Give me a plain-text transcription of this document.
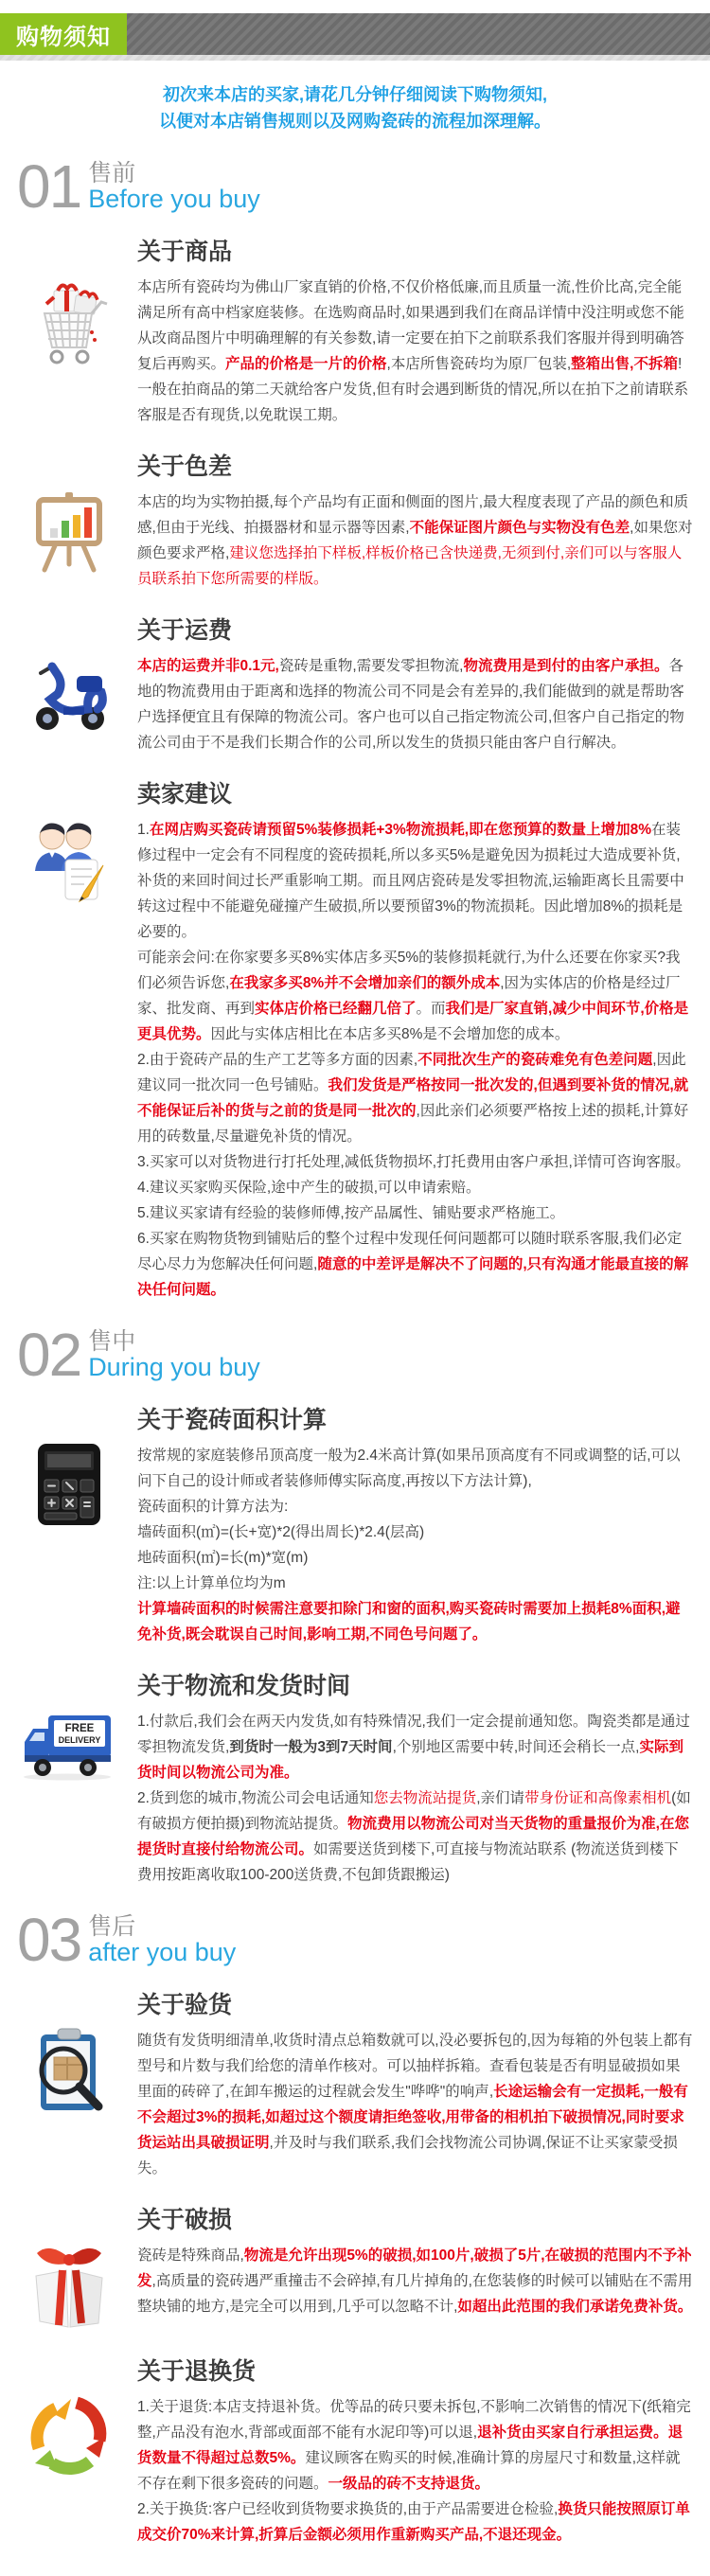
购物须知
初次来本店的买家,请花几分钟仔细阅读下购物须知,
以便对本店销售规则以及网购瓷砖的流程加深理解。
01 售前
Before you buy
关于商品

本店所有瓷砖均为佛山厂家直销的价格,不仅价格低廉,而且质量一流,性价比高,完全能满足所有高中档家庭装修。在选购商品时,如果遇到我们在商品详情中没注明或您不能从改商品图片中明确理解的有关参数,请一定要在拍下之前联系我们客服并得到明确答复后再购买。产品的价格是一片的价格,本店所售瓷砖均为原厂包装,整箱出售,不拆箱!一般在拍商品的第二天就给客户发货,但有时会遇到断货的情况,所以在拍下之前请联系客服是否有现货,以免耽误工期。

关于色差

本店的均为实物拍摄,每个产品均有正面和侧面的图片,最大程度表现了产品的颜色和质感,但由于光线、拍摄器材和显示器等因素,不能保证图片颜色与实物没有色差,如果您对颜色要求严格,建议您选择拍下样板,样板价格已含快递费,无须到付,亲们可以与客服人员联系拍下您所需要的样版。

关于运费

本店的运费并非0.1元,瓷砖是重物,需要发零担物流,物流费用是到付的由客户承担。各地的物流费用由于距离和选择的物流公司不同是会有差异的,我们能做到的就是帮助客户选择便宜且有保障的物流公司。客户也可以自己指定物流公司,但客户自己指定的物流公司由于不是我们长期合作的公司,所以发生的货损只能由客户自行解决。

卖家建议

1.在网店购买瓷砖请预留5%装修损耗+3%物流损耗,即在您预算的数量上增加8%在装修过程中一定会有不同程度的瓷砖损耗,所以多买5%是避免因为损耗过大造成要补货,补货的来回时间过长严重影响工期。而且网店瓷砖是发零担物流,运输距离长且需要中转这过程中不能避免碰撞产生破损,所以要预留3%的物流损耗。因此增加8%的损耗是必要的。

可能亲会问:在你家要多买8%实体店多买5%的装修损耗就行,为什么还要在你家买?我们必须告诉您,在我家多买8%并不会增加亲们的额外成本,因为实体店的价格是经过厂家、批发商、再到实体店价格已经翻几倍了。而我们是厂家直销,减少中间环节,价格是更具优势。因此与实体店相比在本店多买8%是不会增加您的成本。

2.由于瓷砖产品的生产工艺等多方面的因素,不同批次生产的瓷砖难免有色差问题,因此建议同一批次同一色号铺贴。我们发货是严格按同一批次发的,但遇到要补货的情况,就不能保证后补的货与之前的货是同一批次的,因此亲们必须要严格按上述的损耗,计算好用的砖数量,尽量避免补货的情况。

3.买家可以对货物进行打托处理,减低货物损坏,打托费用由客户承担,详情可咨询客服。

4.建议买家购买保险,途中产生的破损,可以申请索赔。

5.建议买家请有经验的装修师傅,按产品属性、铺贴要求严格施工。

6.买家在购物货物到铺贴后的整个过程中发现任何问题都可以随时联系客服,我们必定尽心尽力为您解决任何问题,随意的中差评是解决不了问题的,只有沟通才能最直接的解决任何问题。

02 售中
During you buy
关于瓷砖面积计算

按常规的家庭装修吊顶高度一般为2.4米高计算(如果吊顶高度有不同或调整的话,可以问下自己的设计师或者装修师傅实际高度,再按以下方法计算),

瓷砖面积的计算方法为:

墙砖面积(㎡)=(长+宽)*2(得出周长)*2.4(层高)

地砖面积(㎡)=长(m)*宽(m)

注:以上计算单位均为m

计算墙砖面积的时候需注意要扣除门和窗的面积,购买瓷砖时需要加上损耗8%面积,避免补货,既会耽误自己时间,影响工期,不同色号问题了。

FREE
DELIVERY
关于物流和发货时间

1.付款后,我们会在两天内发货,如有特殊情况,我们一定会提前通知您。陶瓷类都是通过零担物流发货,到货时一般为3到7天时间,个别地区需要中转,时间还会稍长一点,实际到货时间以物流公司为准。

2.货到您的城市,物流公司会电话通知您去物流站提货,亲们请带身份证和高像素相机(如有破损方便拍摄)到物流站提货。物流费用以物流公司对当天货物的重量报价为准,在您提货时直接付给物流公司。如需要送货到楼下,可直接与物流站联系 (物流送货到楼下费用按距离收取100-200送货费,不包卸货跟搬运)

03 售后
after you buy
关于验货

随货有发货明细清单,收货时清点总箱数就可以,没必要拆包的,因为每箱的外包装上都有型号和片数与我们给您的清单作核对。可以抽样拆箱。查看包装是否有明显破损如果里面的砖碎了,在卸车搬运的过程就会发生"哗哗"的响声,长途运输会有一定损耗,一般有不会超过3%的损耗,如超过这个额度请拒绝签收,用带备的相机拍下破损情况,同时要求货运站出具破损证明,并及时与我们联系,我们会找物流公司协调,保证不让买家蒙受损失。

关于破损

瓷砖是特殊商品,物流是允许出现5%的破损,如100片,破损了5片,在破损的范围内不予补发,高质量的瓷砖遇严重撞击不会碎掉,有几片掉角的,在您装修的时候可以铺贴在不需用整块铺的地方,是完全可以用到,几乎可以忽略不计,如超出此范围的我们承诺免费补货。

关于退换货

1.关于退货:本店支持退补货。优等品的砖只要未拆包,不影响二次销售的情况下(纸箱完整,产品没有泡水,背部或面部不能有水泥印等)可以退,退补货由买家自行承担运费。退货数量不得超过总数5%。建议顾客在购买的时候,准确计算的房屋尺寸和数量,这样就不存在剩下很多瓷砖的问题。一级品的砖不支持退货。

2.关于换货:客户已经收到货物要求换货的,由于产品需要进仓检验,换货只能按照原订单成交价70%来计算,折算后金额必须用作重新购买产品,不退还现金。
